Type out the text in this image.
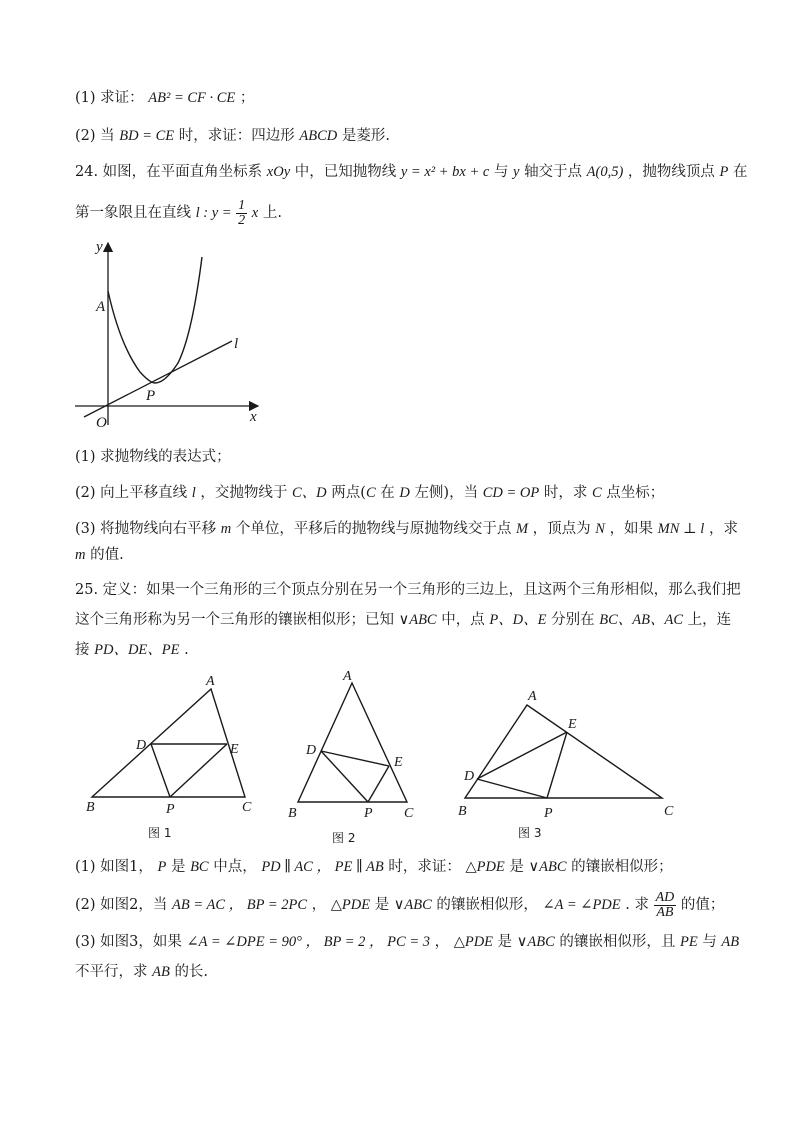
(1) 求证： AB² = CF · CE ；
(2) 当 BD = CE 时，求证：四边形 ABCD 是菱形.
24. 如图，在平面直角坐标系 xOy 中，已知抛物线 y = x² + bx + c 与 y 轴交于点 A(0,5) ，抛物线顶点 P 在
第一象限且在直线 l : $y = \frac{1}{2}$ x 上.
y
x
A
P
O
l
(1) 求抛物线的表达式；
(2) 向上平移直线 l ，交抛物线于 C、D 两点(C 在 D 左侧)，当 CD = OP 时，求 C 点坐标；
(3) 将抛物线向右平移 m 个单位，平移后的抛物线与原抛物线交于点 M ，顶点为 N ，如果 MN ⊥ l ，求
m 的值.
25. 定义：如果一个三角形的三个顶点分别在另一个三角形的三边上，且这两个三角形相似，那么我们把
这个三角形称为另一个三角形的镶嵌相似形；已知 ∨ABC 中，点 P、D、E 分别在 BC、AB、AC 上，连
接 PD、DE、PE .
A
B	C
D	E
P
图 1
A
B	C
D
E
P
图 2
A
B	C
D
E
P
图 3
(1) 如图1， P 是 BC 中点， PD ∥ AC ， PE ∥ AB 时，求证： △PDE 是 ∨ABC 的镶嵌相似形；
(2) 如图2，当 AB = AC ， BP = 2PC ， △PDE 是 ∨ABC 的镶嵌相似形， ∠A = ∠PDE . 求 $\frac{AD}{AB}$ 的值；
(3) 如图3，如果 ∠A = ∠DPE = 90° ， BP = 2 ， PC = 3 ， △PDE 是 ∨ABC 的镶嵌相似形，且 PE 与 AB
不平行，求 AB 的长.
